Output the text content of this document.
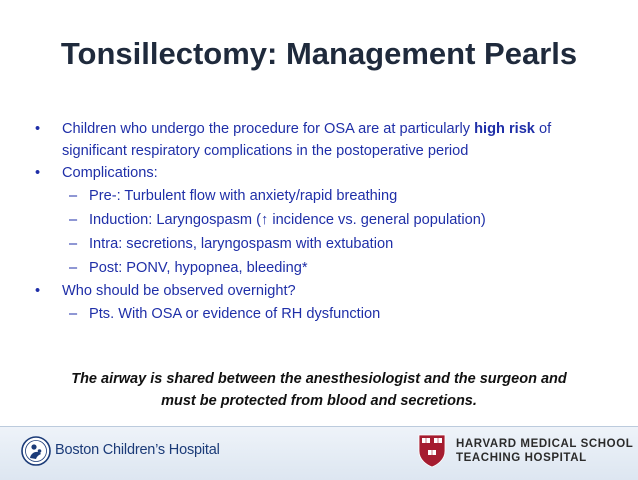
Tonsillectomy: Management Pearls
• Children who undergo the procedure for OSA are at particularly high risk of significant respiratory complications in the postoperative period
• Complications:
– Pre-: Turbulent flow with anxiety/rapid breathing
– Induction: Laryngospasm (↑ incidence vs. general population)
– Intra: secretions, laryngospasm with extubation
– Post: PONV, hypopnea, bleeding*
• Who should be observed overnight?
– Pts. With OSA or evidence of RH dysfunction
The airway is shared between the anesthesiologist and the surgeon and
must be protected from blood and secretions.
Boston Children’s Hospital	HARVARD MEDICAL SCHOOL
TEACHING HOSPITAL
